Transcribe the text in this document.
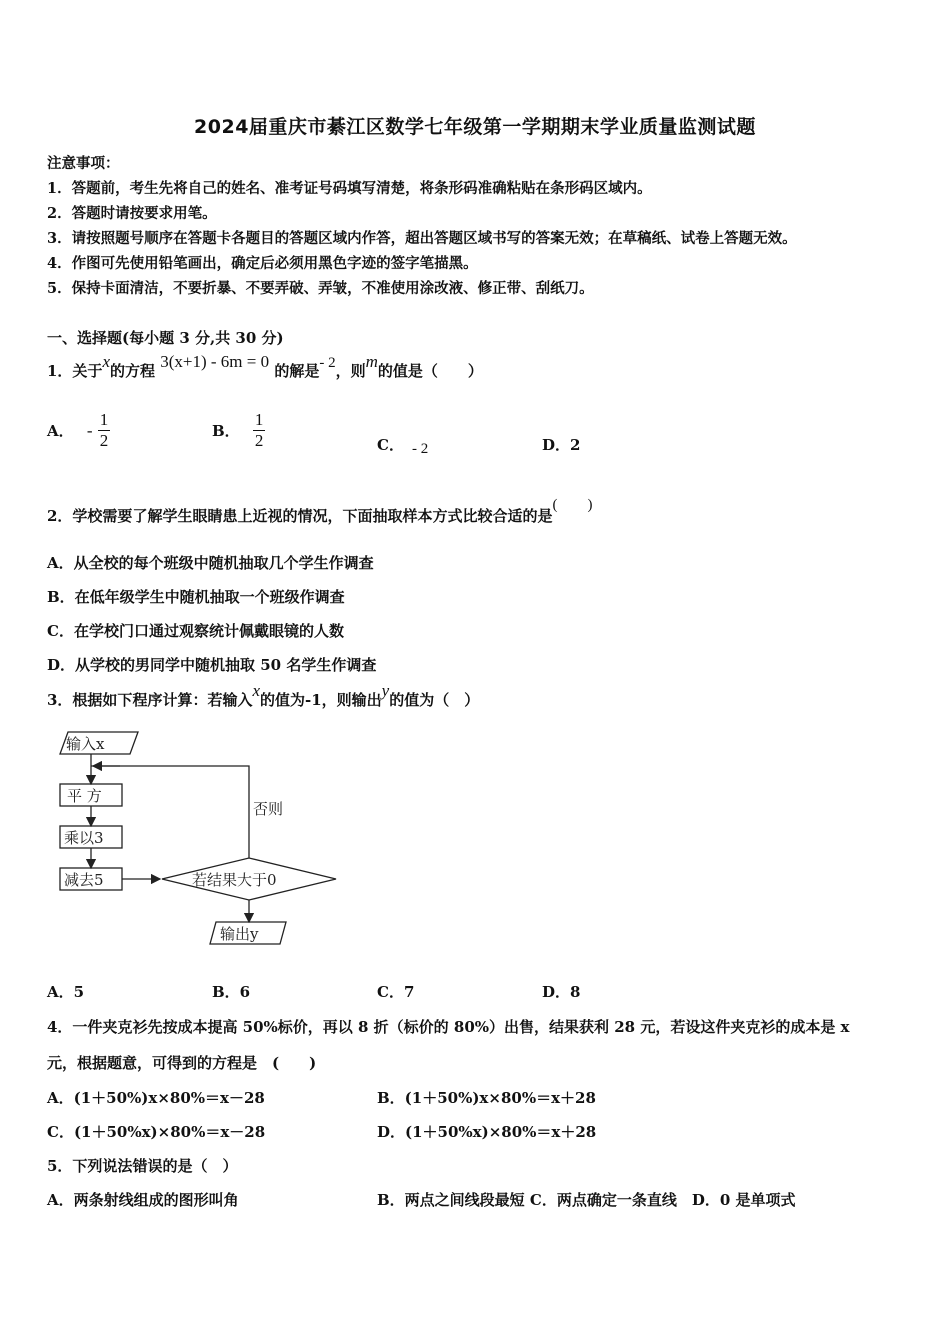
2024届重庆市綦江区数学七年级第一学期期末学业质量监测试题
注意事项：
1．答题前，考生先将自己的姓名、准考证号码填写清楚，将条形码准确粘贴在条形码区域内。
2．答题时请按要求用笔。
3．请按照题号顺序在答题卡各题目的答题区域内作答，超出答题区域书写的答案无效；在草稿纸、试卷上答题无效。
4．作图可先使用铅笔画出，确定后必须用黑色字迹的签字笔描黑。
5．保持卡面清洁，不要折暴、不要弄破、弄皱，不准使用涂改液、修正带、刮纸刀。
一、选择题(每小题 3 分,共 30 分)
1．关于x的方程 3(x+1) - 6m = 0 的解是- 2，则m的值是（　　）
A． - $\frac{1}{2}$	B． $\frac{1}{2}$	C． - 2	D．2
2．学校需要了解学生眼睛患上近视的情况，下面抽取样本方式比较合适的是(　　)
A．从全校的每个班级中随机抽取几个学生作调查
B．在低年级学生中随机抽取一个班级作调查
C．在学校门口通过观察统计佩戴眼镜的人数
D．从学校的男同学中随机抽取 50 名学生作调查
3．根据如下程序计算：若输入x的值为-1，则输出y的值为（　）
输入x
平 方
乘以3
减去5	若结果大于0
否则
输出y
A．5	B．6	C．7	D．8
4．一件夹克衫先按成本提高 50%标价，再以 8 折（标价的 80%）出售，结果获利 28 元，若设这件夹克衫的成本是 x
元，根据题意，可得到的方程是　(　　)
A．(1＋50%)x×80%＝x－28	B．(1＋50%)x×80%＝x＋28
C．(1＋50%x)×80%＝x－28	D．(1＋50%x)×80%＝x＋28
5．下列说法错误的是（　）
A．两条射线组成的图形叫角	B．两点之间线段最短 C．两点确定一条直线　D．0 是单项式
